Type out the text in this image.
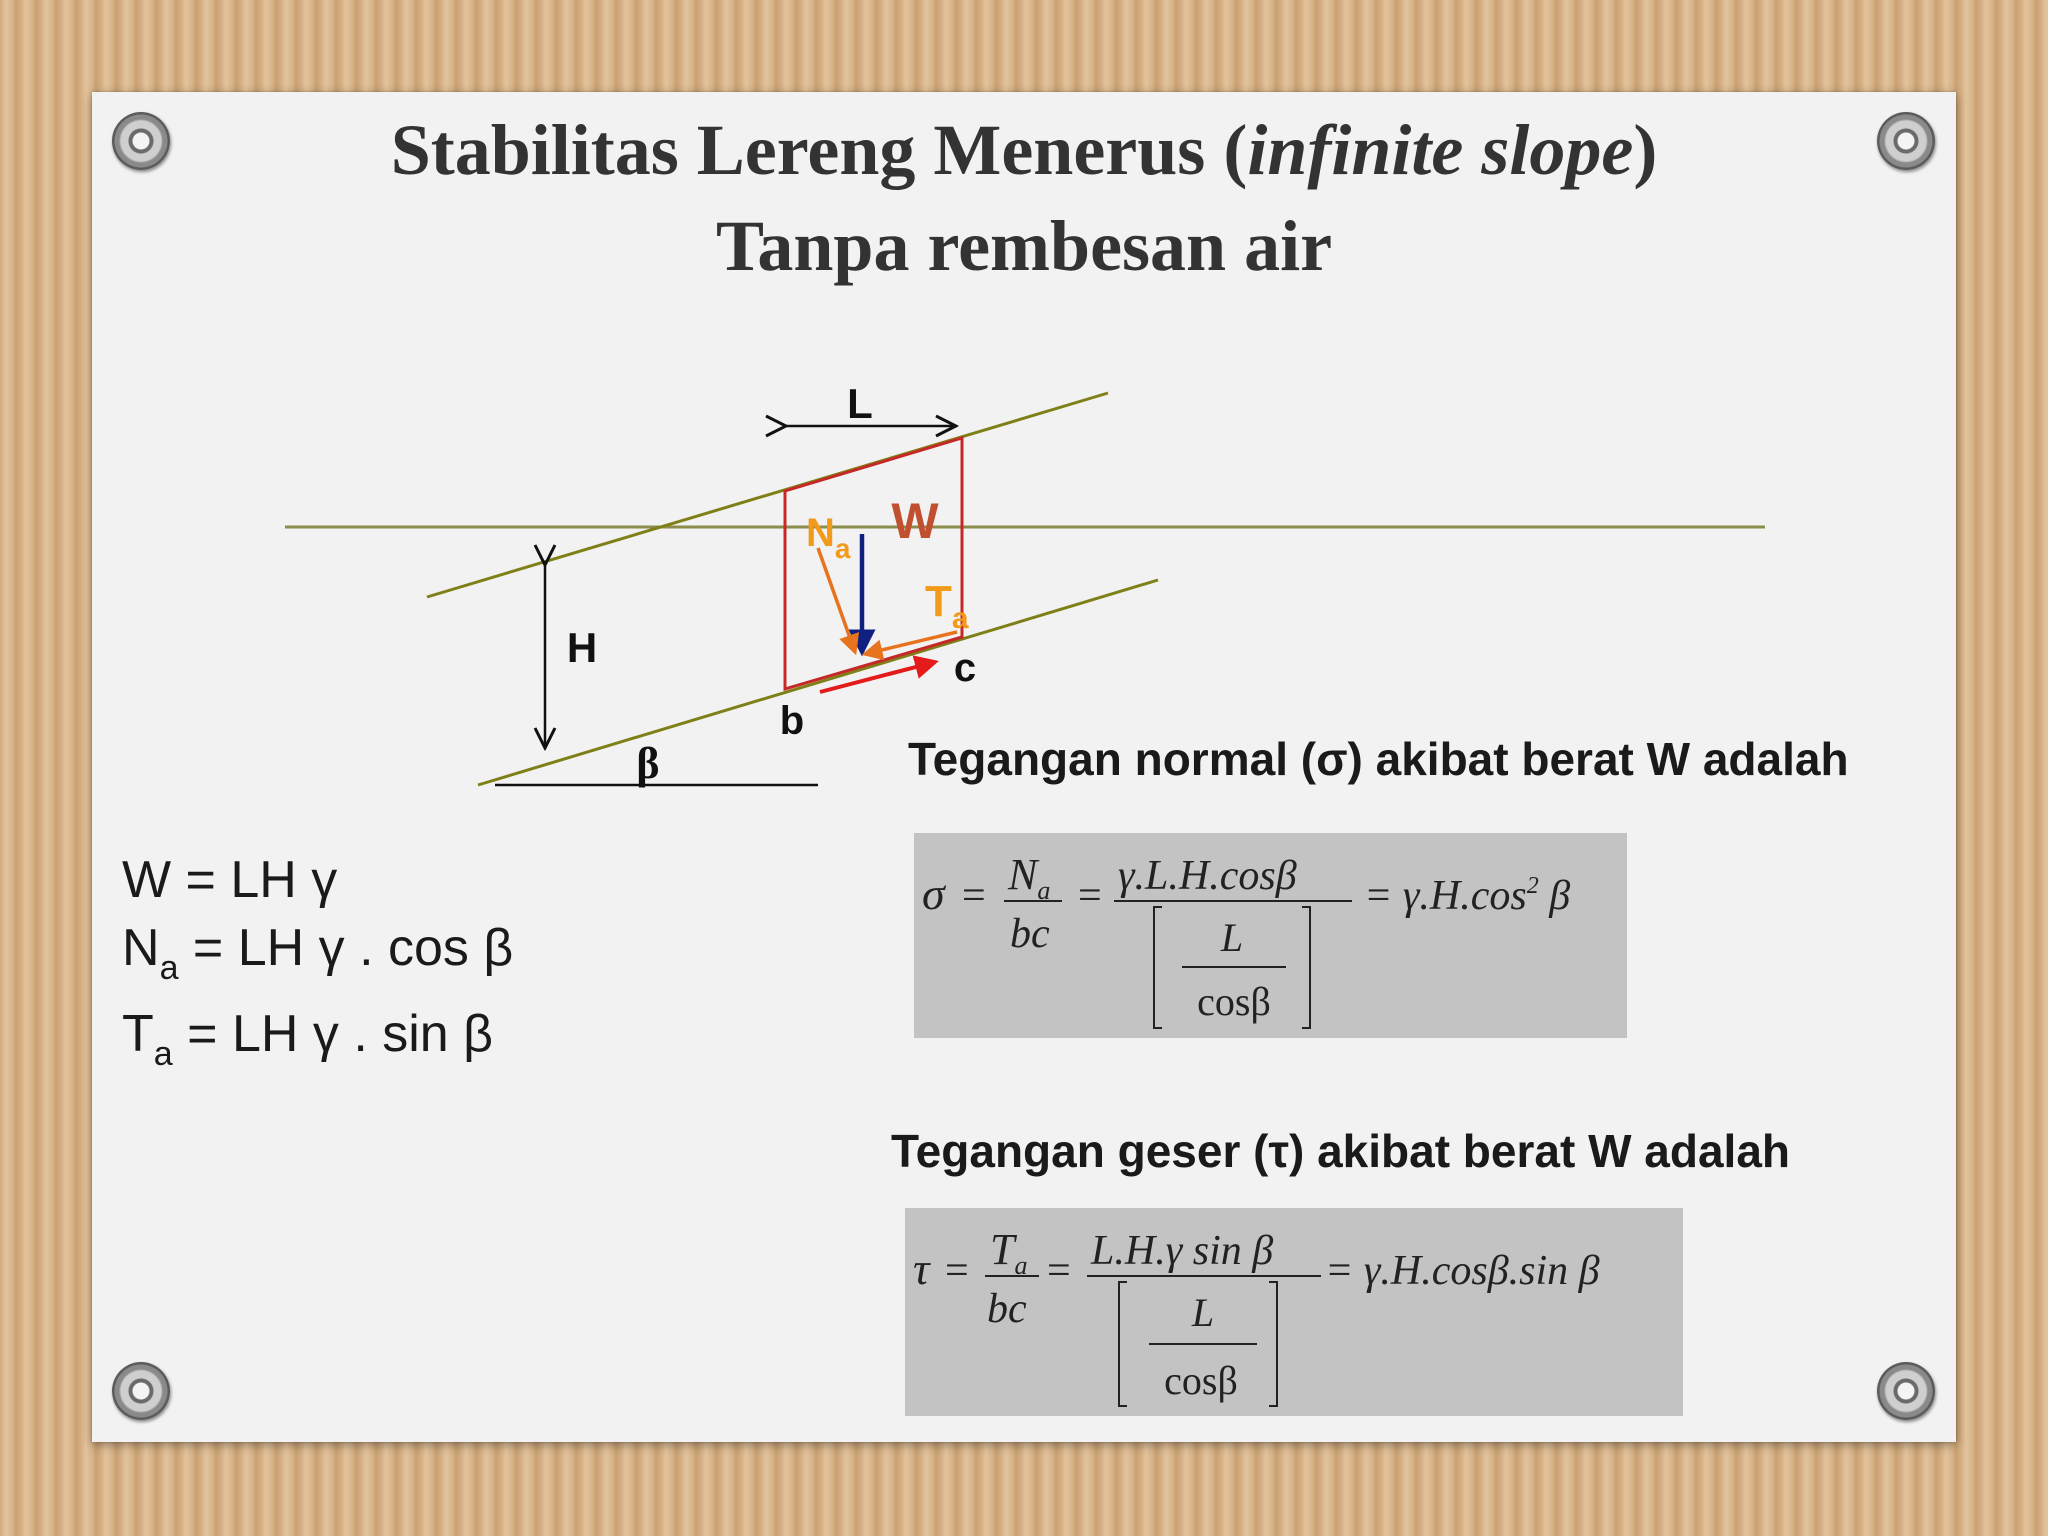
Stabilitas Lereng Menerus (infinite slope)
Tanpa rembesan air
L
W
$N_a$
$T_a$
H	c
b
β
W = LH γ
$N_a$ = LH γ . cos β
$T_a$ = LH γ . sin β
Tegangan normal (σ) akibat berat W adalah
$\sigma = N_a$
bc
= γ.L.H.cosβ
L
cosβ
= $\gamma.H.\cos^2$ β
Tegangan geser (τ) akibat berat W adalah
$\tau = T_a$
bc
= L.H.γ sin β
L
cosβ
= γ.H.cosβ.sin β
